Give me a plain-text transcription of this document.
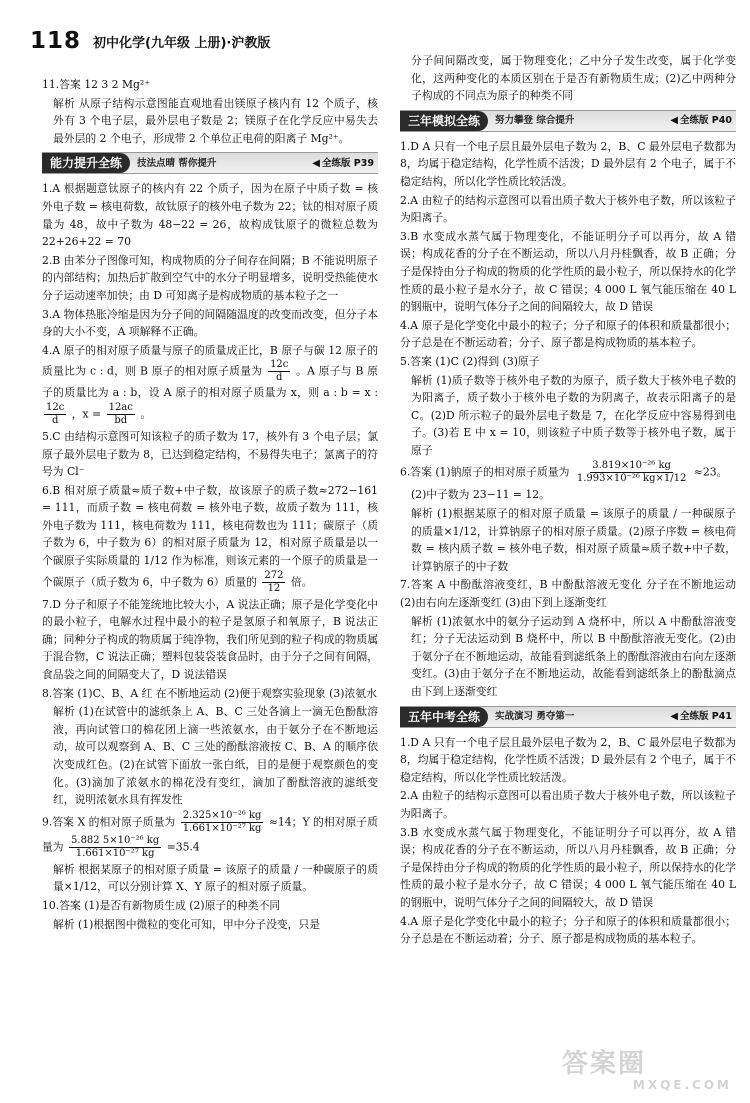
118 初中化学(九年级 上册)·沪教版

11.答案 12 3 2 Mg²⁺

解析 从原子结构示意图能直观地看出镁原子核内有 12 个质子，核外有 3 个电子层，最外层电子数是 2；镁原子在化学反应中易失去最外层的 2 个电子，形成带 2 个单位正电荷的阳离子 Mg²⁺。

能力提升全练	技法点晴 帮你提升	◀ 全练版 P39

1.A 根据题意钛原子的核内有 22 个质子，因为在原子中质子数 = 核外电子数 = 核电荷数，故钛原子的核外电子数为 22；钛的相对原子质量为 48，故中子数为 48−22 = 26，故构成钛原子的微粒总数为 22+26+22 = 70

2.B 由苯分子图像可知，构成物质的分子间存在间隔；B 不能说明原子的内部结构；加热后扩散到空气中的水分子明显增多，说明受热能使水分子运动速率加快；由 D 可知离子是构成物质的基本粒子之一

3.A 物体热胀冷缩是因为分子间的间隔随温度的改变而改变，但分子本身的大小不变，A 项解释不正确。

4.A 原子的相对原子质量与原子的质量成正比，B 原子与碳 12 原子的质量比为 c : d，则 B 原子的相对原子质量为 $\frac{12c}{d}$ 。A 原子与 B 原子的质量比为 a : b，设 A 原子的相对原子质量为 x，则 a : b = x :
$\frac{12c}{d}$ ，$x = \frac{12ac}{bd}$ 。

5.C 由结构示意图可知该粒子的质子数为 17，核外有 3 个电子层；氯原子最外层电子数为 8，已达到稳定结构，不易得失电子；氯离子的符号为 Cl⁻

6.B 相对原子质量≈质子数+中子数，故该原子的质子数≈272−161 = 111，而质子数 = 核电荷数 = 核外电子数，故质子数为 111，核外电子数为 111，核电荷数为 111，核电荷数也为 111；碳原子（质子数为 6，中子数为 6）的相对原子质量为 12，相对原子质量是以一个碳原子实际质量的 1/12 作为标准，则该元素的一个原子的质量是一个碳原子（质子数为 6，中子数为 6）质量的 $\frac{272}{12}$ 倍。

7.D 分子和原子不能笼统地比较大小，A 说法正确；原子是化学变化中的最小粒子，电解水过程中最小的粒子是氢原子和氧原子，B 说法正确；同种分子构成的物质属于纯净物，我们所见到的粒子构成的物质属于混合物，C 说法正确；塑料包装袋装食品时，由于分子之间有间隔，食品袋之间的间隔变大了，D 说法错误

8.答案 (1)C、B、A 红 在不断地运动 (2)便于观察实验现象 (3)浓氨水

解析 (1)在试管中的滤纸条上 A、B、C 三处各滴上一滴无色酚酞溶液，再向试管口的棉花团上滴一些浓氨水，由于氨分子在不断地运动，故可以观察到 A、B、C 三处的酚酞溶液按 C、B、A 的顺序依次变成红色。(2)在试管下面放一张白纸，目的是便于观察颜色的变化。(3)滴加了浓氨水的棉花没有变红，滴加了酚酞溶液的滤纸变红，说明浓氨水具有挥发性

9.答案 X 的相对原子质量为 $\frac{\text{2.325×10⁻²⁶ kg}}{\text{1.661×10⁻²⁷ kg}} \approx 14$；Y 的相对原子质量为 $\frac{\text{5.882 5×10⁻²⁶ kg}}{\text{1.661×10⁻²⁷ kg}} =35.4$

解析 根据某原子的相对原子质量 = 该原子的质量 / 一种碳原子的质量×1/12，可以分别计算 X、Y 原子的相对原子质量。

10.答案 (1)是否有新物质生成 (2)原子的种类不同

解析 (1)根据图中微粒的变化可知，甲中分子没变，只是

分子间间隔改变，属于物理变化；乙中分子发生改变，属于化学变化，这两种变化的本质区别在于是否有新物质生成；(2)乙中两种分子构成的不同点为原子的种类不同

三年模拟全练	努力攀登 综合提升	◀ 全练版 P40

1.D A 只有一个电子层且最外层电子数为 2，B、C 最外层电子数都为 8，均属于稳定结构，化学性质不活泼；D 最外层有 2 个电子，属于不稳定结构，所以化学性质比较活泼。

2.A 由粒子的结构示意图可以看出质子数大于核外电子数，所以该粒子为阳离子。

3.B 水变成水蒸气属于物理变化，不能证明分子可以再分，故 A 错误；构成花香的分子在不断运动，所以八月丹桂飘香，故 B 正确；分子是保持由分子构成的物质的化学性质的最小粒子，所以保持水的化学性质的最小粒子是水分子，故 C 错误；4 000 L 氧气能压缩在 40 L 的钢瓶中，说明气体分子之间的间隔较大，故 D 错误

4.A 原子是化学变化中最小的粒子；分子和原子的体积和质量都很小；分子总是在不断运动着；分子、原子都是构成物质的基本粒子。

5.答案 (1)C (2)得到 (3)原子

解析 (1)质子数等于核外电子数的为原子，质子数大于核外电子数的为阳离子，质子数小于核外电子数的为阴离子，故表示阳离子的是 C。(2)D 所示粒子的最外层电子数是 7，在化学反应中容易得到电子。(3)若 E 中 x = 10，则该粒子中质子数等于核外电子数，属于原子

6.答案 (1)钠原子的相对原子质量为 $\frac{\text{3.819×10⁻²⁶ kg}}{\text{1.993×10⁻²⁶ kg×1/12}} \approx 23$。

(2)中子数为 23−11 = 12。

解析 (1)根据某原子的相对原子质量 = 该原子的质量 / 一种碳原子的质量×1/12，计算钠原子的相对原子质量。(2)原子序数 = 核电荷数 = 核内质子数 = 核外电子数，相对原子质量≈质子数+中子数，计算钠原子的中子数

7.答案 A 中酚酞溶液变红，B 中酚酞溶液无变化 分子在不断地运动 (2)由右向左逐渐变红 (3)由下到上逐渐变红

解析 (1)浓氨水中的氨分子运动到 A 烧杯中，所以 A 中酚酞溶液变红；分子无法运动到 B 烧杯中，所以 B 中酚酞溶液无变化。(2)由于氨分子在不断地运动，故能看到滤纸条上的酚酞溶液由右向左逐渐变红。(3)由于氨分子在不断地运动，故能看到滤纸条上的酚酞滴点由下到上逐渐变红

五年中考全练	实战演习 勇夺第一	◀ 全练版 P41

1.D A 只有一个电子层且最外层电子数为 2，B、C 最外层电子数都为 8，均属于稳定结构，化学性质不活泼；D 最外层有 2 个电子，属于不稳定结构，所以化学性质比较活泼。

2.A 由粒子的结构示意图可以看出质子数大于核外电子数，所以该粒子为阳离子。

3.B 水变成水蒸气属于物理变化，不能证明分子可以再分，故 A 错误；构成花香的分子在不断运动，所以八月丹桂飘香，故 B 正确；分子是保持由分子构成的物质的化学性质的最小粒子，所以保持水的化学性质的最小粒子是水分子，故 C 错误；4 000 L 氧气能压缩在 40 L 的钢瓶中，说明气体分子之间的间隔较大，故 D 错误

4.A 原子是化学变化中最小的粒子；分子和原子的体积和质量都很小；分子总是在不断运动着；分子、原子都是构成物质的基本粒子。

答案圈
MXQE.COM
